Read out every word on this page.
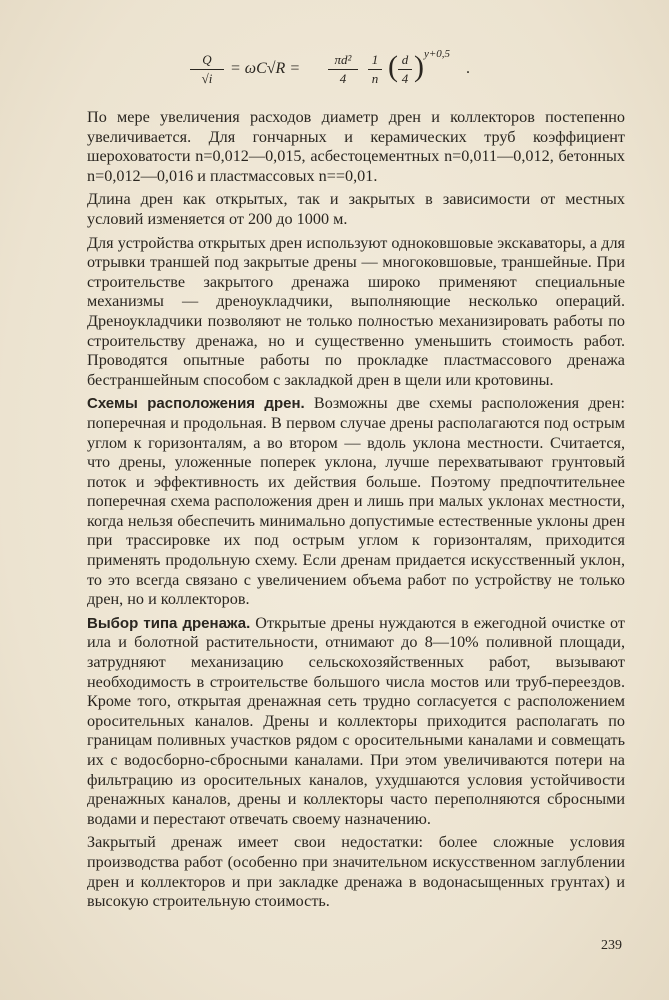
Q
√i
= ωC√R =
πd²
4
1
n ( d
4 ) y+0,5
.

По мере увеличения расходов диаметр дрен и коллекторов постепенно увеличивается. Для гончарных и керамических труб коэффициент шероховатости n=0,012—0,015, асбестоцементных n=0,011—0,012, бетонных n=0,012—0,016 и пластмассовых n==0,01.

Длина дрен как открытых, так и закрытых в зависимости от местных условий изменяется от 200 до 1000 м.

Для устройства открытых дрен используют одноковшовые экскаваторы, а для отрывки траншей под закрытые дрены — многоковшовые, траншейные. При строительстве закрытого дренажа широко применяют специальные механизмы — дреноукладчики, выполняющие несколько операций. Дреноукладчики позволяют не только полностью механизировать работы по строительству дренажа, но и существенно уменьшить стоимость работ. Проводятся опытные работы по прокладке пластмассового дренажа бестраншейным способом с закладкой дрен в щели или кротовины.

Схемы расположения дрен. Возможны две схемы расположения дрен: поперечная и продольная. В первом случае дрены располагаются под острым углом к горизонталям, а во втором — вдоль уклона местности. Считается, что дрены, уложенные поперек уклона, лучше перехватывают грунтовый поток и эффективность их действия больше. Поэтому предпочтительнее поперечная схема расположения дрен и лишь при малых уклонах местности, когда нельзя обеспечить минимально допустимые естественные уклоны дрен при трассировке их под острым углом к горизонталям, приходится применять продольную схему. Если дренам придается искусственный уклон, то это всегда связано с увеличением объема работ по устройству не только дрен, но и коллекторов.

Выбор типа дренажа. Открытые дрены нуждаются в ежегодной очистке от ила и болотной растительности, отнимают до 8—10% поливной площади, затрудняют механизацию сельскохозяйственных работ, вызывают необходимость в строительстве большого числа мостов или труб-переездов. Кроме того, открытая дренажная сеть трудно согласуется с расположением оросительных каналов. Дрены и коллекторы приходится располагать по границам поливных участков рядом с оросительными каналами и совмещать их с водосборно-сбросными каналами. При этом увеличиваются потери на фильтрацию из оросительных каналов, ухудшаются условия устойчивости дренажных каналов, дрены и коллекторы часто переполняются сбросными водами и перестают отвечать своему назначению.

Закрытый дренаж имеет свои недостатки: более сложные условия производства работ (особенно при значительном искусственном заглублении дрен и коллекторов и при закладке дренажа в водонасыщенных грунтах) и высокую строительную стоимость.

239
